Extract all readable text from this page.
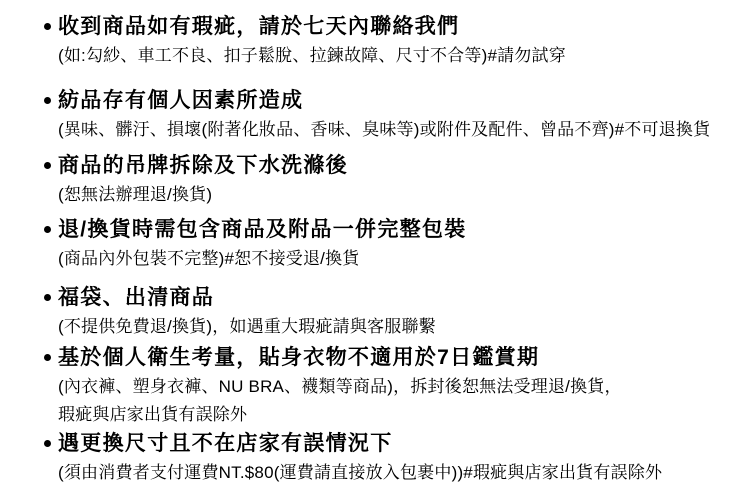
收到商品如有瑕疵，請於七天內聯絡我們
(如:勾紗、車工不良、扣子鬆脫、拉鍊故障、尺寸不合等)#請勿試穿
紡品存有個人因素所造成
(異味、髒汙、損壞(附著化妝品、香味、臭味等)或附件及配件、曾品不齊)#不可退換貨
商品的吊牌拆除及下水洗滌後
(恕無法辦理退/換貨)
退/換貨時需包含商品及附品一併完整包裝
(商品內外包裝不完整)#恕不接受退/換貨
福袋、出清商品
(不提供免費退/換貨)，如遇重大瑕疵請與客服聯繫
基於個人衛生考量，貼身衣物不適用於7日鑑賞期
(內衣褲、塑身衣褲、NU BRA、襪類等商品)，拆封後恕無法受理退/換貨，
瑕疵與店家出貨有誤除外
遇更換尺寸且不在店家有誤情況下
(須由消費者支付運費NT.$80(運費請直接放入包裹中))#瑕疵與店家出貨有誤除外
